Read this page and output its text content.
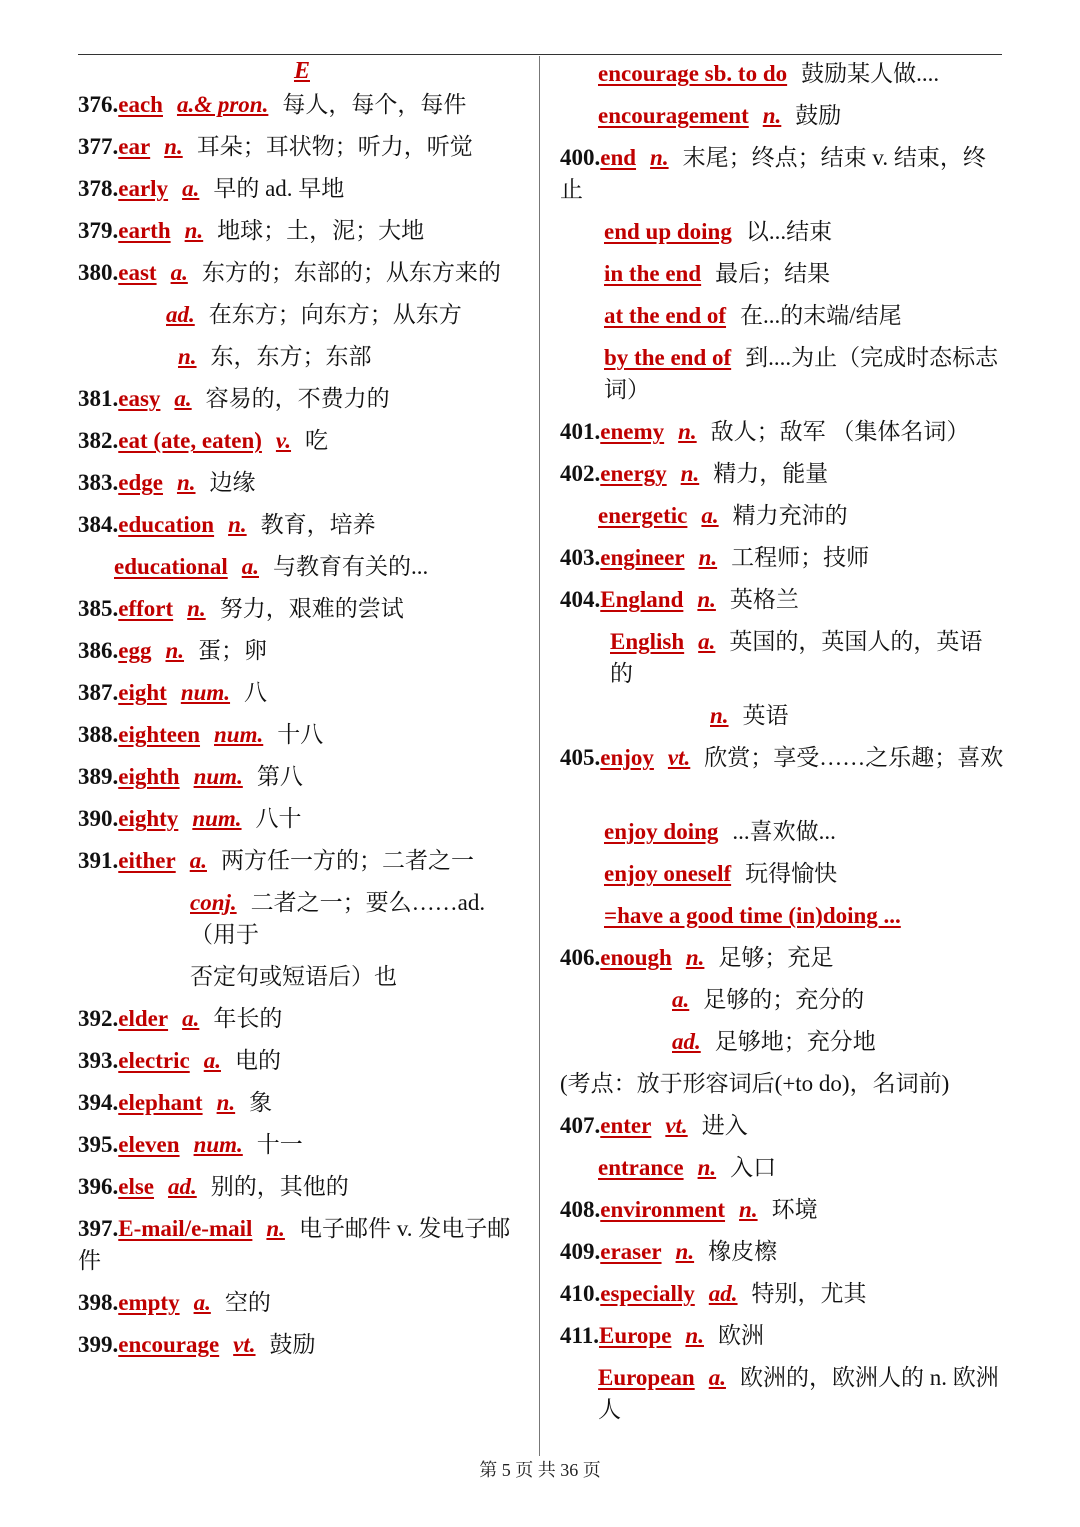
E
376.each a.& pron. 每人，每个，每件
377.ear n. 耳朵；耳状物；听力，听觉
378.early a. 早的 ad. 早地
379.earth n. 地球；土，泥；大地
380.east a. 东方的；东部的；从东方来的
ad. 在东方；向东方；从东方
n. 东，东方；东部
381.easy a. 容易的，不费力的
382.eat (ate, eaten) v. 吃
383.edge n. 边缘
384.education n. 教育，培养
educational a. 与教育有关的...
385.effort n. 努力，艰难的尝试
386.egg n. 蛋；卵
387.eight num. 八
388.eighteen num. 十八
389.eighth num. 第八
390.eighty num. 八十
391.either a. 两方任一方的；二者之一
conj. 二者之一；要么……ad.（用于
否定句或短语后）也
392.elder a. 年长的
393.electric a. 电的
394.elephant n. 象
395.eleven num. 十一
396.else ad. 别的，其他的
397.E-mail/e-mail n. 电子邮件 v. 发电子邮件
398.empty a. 空的
399.encourage vt. 鼓励
encourage sb. to do 鼓励某人做....
encouragement n. 鼓励
400.end n. 末尾；终点；结束 v. 结束，终止
end up doing 以...结束
in the end 最后；结果
at the end of 在...的末端/结尾
by the end of 到....为止（完成时态标志词）
401.enemy n. 敌人；敌军 （集体名词）
402.energy n. 精力，能量
energetic a. 精力充沛的
403.engineer n. 工程师；技师
404.England n. 英格兰
English a. 英国的，英国人的，英语的
n. 英语
405.enjoy vt. 欣赏；享受……之乐趣；喜欢
enjoy doing ...喜欢做...
enjoy oneself 玩得愉快
=have a good time (in)doing ...
406.enough n. 足够；充足
a. 足够的；充分的
ad. 足够地；充分地
(考点：放于形容词后(+to do)，名词前)
407.enter vt. 进入
entrance n. 入口
408.environment n. 环境
409.eraser n. 橡皮檫
410.especially ad. 特别，尤其
411.Europe n. 欧洲
European a. 欧洲的，欧洲人的 n. 欧洲人
第 5 页 共 36 页
